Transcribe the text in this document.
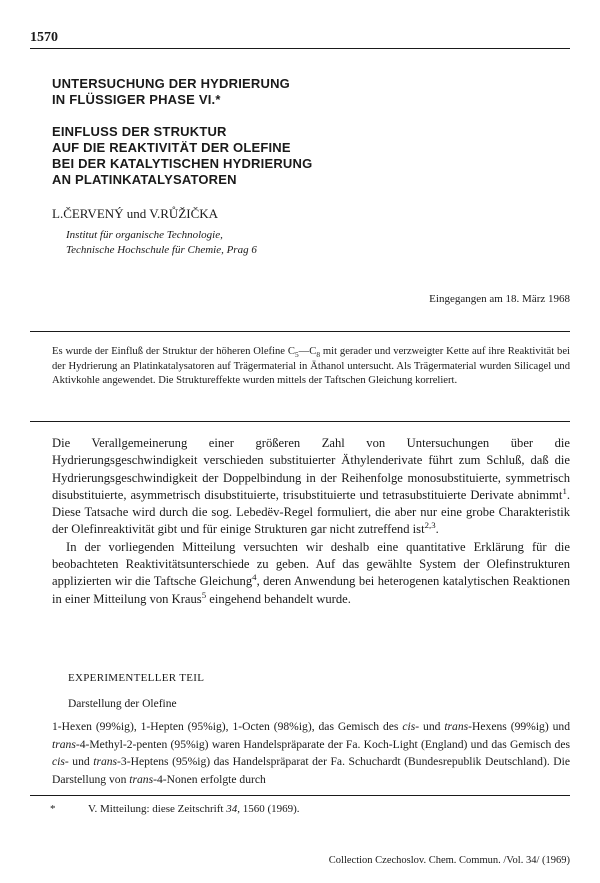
1570
UNTERSUCHUNG DER HYDRIERUNG
IN FLÜSSIGER PHASE VI.*
EINFLUSS DER STRUKTUR
AUF DIE REAKTIVITÄT DER OLEFINE
BEI DER KATALYTISCHEN HYDRIERUNG
AN PLATINKATALYSATOREN
L.ČERVENÝ und V.RŮŽIČKA
Institut für organische Technologie,
Technische Hochschule für Chemie, Prag 6
Eingegangen am 18. März 1968
Es wurde der Einfluß der Struktur der höheren Olefine $C_5—C_8$ mit gerader und verzweigter Kette auf ihre Reaktivität bei der Hydrierung an Platinkatalysatoren auf Trägermaterial in Äthanol untersucht. Als Trägermaterial wurden Silicagel und Aktivkohle angewendet. Die Struktureffekte wurden mittels der Taftschen Gleichung korreliert.

Die Verallgemeinerung einer größeren Zahl von Untersuchungen über die Hydrierungsgeschwindigkeit verschieden substituierter Äthylenderivate führt zum Schluß, daß die Hydrierungsgeschwindigkeit der Doppelbindung in der Reihenfolge monosubstituierte, symmetrisch disubstituierte, asymmetrisch disubstituierte, trisubstituierte und tetrasubstituierte Derivate abnimmt$^1$. Diese Tatsache wird durch die sog. Lebedëv-Regel formuliert, die aber nur eine grobe Charakteristik der Olefinreaktivität gibt und für einige Strukturen gar nicht zutreffend ist$^{2,3}$.

In der vorliegenden Mitteilung versuchten wir deshalb eine quantitative Erklärung für die beobachteten Reaktivitätsunterschiede zu geben. Auf das gewählte System der Olefinstrukturen applizierten wir die Taftsche Gleichung$^4$, deren Anwendung bei heterogenen katalytischen Reaktionen in einer Mitteilung von Kraus$^5$ eingehend behandelt wurde.

EXPERIMENTELLER TEIL
Darstellung der Olefine
1-Hexen (99%ig), 1-Hepten (95%ig), 1-Octen (98%ig), das Gemisch des cis- und trans-Hexens (99%ig) und trans-4-Methyl-2-penten (95%ig) waren Handelspräparate der Fa. Koch-Light (England) und das Gemisch des cis- und trans-3-Heptens (95%ig) das Handelspräparat der Fa. Schuchardt (Bundesrepublik Deutschland). Die Darstellung von trans-4-Nonen erfolgte durch
*	V. Mitteilung: diese Zeitschrift 34, 1560 (1969).
Collection Czechoslov. Chem. Commun. /Vol. 34/ (1969)
